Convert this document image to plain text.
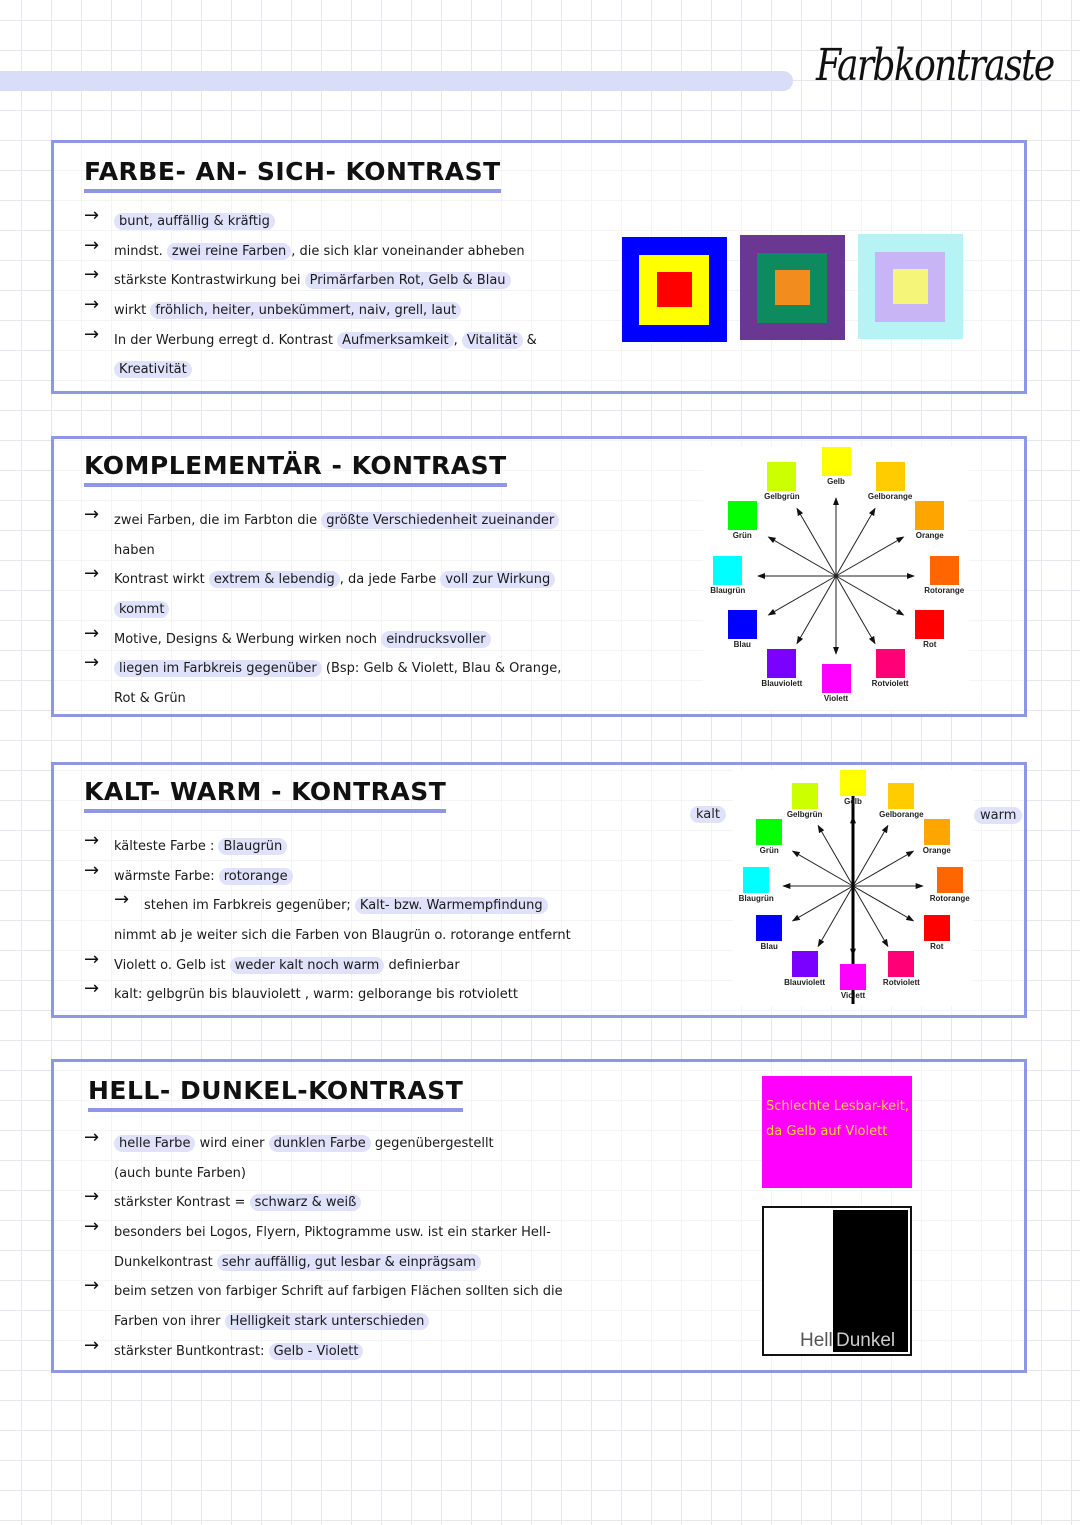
Farbkontraste
FARBE- AN- SICH- KONTRAST
→ bunt, auffällig & kräftig
→ mindst. zwei reine Farben , die sich klar voneinander abheben
→ stärkste Kontrastwirkung bei Primärfarben Rot, Gelb & Blau
→ wirkt fröhlich, heiter, unbekümmert, naiv, grell, laut
→ In der Werbung erregt d. Kontrast Aufmerksamkeit , Vitalität &
Kreativität
KOMPLEMENTÄR - KONTRAST
→ zwei Farben, die im Farbton die größte Verschiedenheit zueinander
haben
→ Kontrast wirkt extrem & lebendig , da jede Farbe voll zur Wirkung
kommt
→ Motive, Designs & Werbung wirken noch eindrucksvoller
→ liegen im Farbkreis gegenüber (Bsp: Gelb & Violett, Blau & Orange,
Rot & Grün
Gelb
Gelborange
Orange
Rotorange
Rot
Rotviolett
Violett
Blauviolett
Blau
Blaugrün
Grün
Gelbgrün
KALT- WARM - KONTRAST
→ kälteste Farbe : Blaugrün
→ wärmste Farbe: rotorange
→ stehen im Farbkreis gegenüber; Kalt- bzw. Warmempfindung
nimmt ab je weiter sich die Farben von Blaugrün o. rotorange entfernt
→ Violett o. Gelb ist weder kalt noch warm definierbar
→ kalt: gelbgrün bis blauviolett , warm: gelborange bis rotviolett
Gelb
Gelborange
Orange
Rotorange
Rot
Rotviolett
Violett
Blauviolett
Blau
Blaugrün
Grün
Gelbgrün
kalt	warm
HELL- DUNKEL-KONTRAST
→ helle Farbe wird einer dunklen Farbe gegenübergestellt
(auch bunte Farben)
→ stärkster Kontrast = schwarz & weiß
→ besonders bei Logos, Flyern, Piktogramme usw. ist ein starker Hell-
Dunkelkontrast sehr auffällig, gut lesbar & einprägsam
→ beim setzen von farbiger Schrift auf farbigen Flächen sollten sich die
Farben von ihrer Helligkeit stark unterschieden
→ stärkster Buntkontrast: Gelb - Violett
Schlechte Lesbar-keit, da Gelb auf Violett
Hell Dunkel
